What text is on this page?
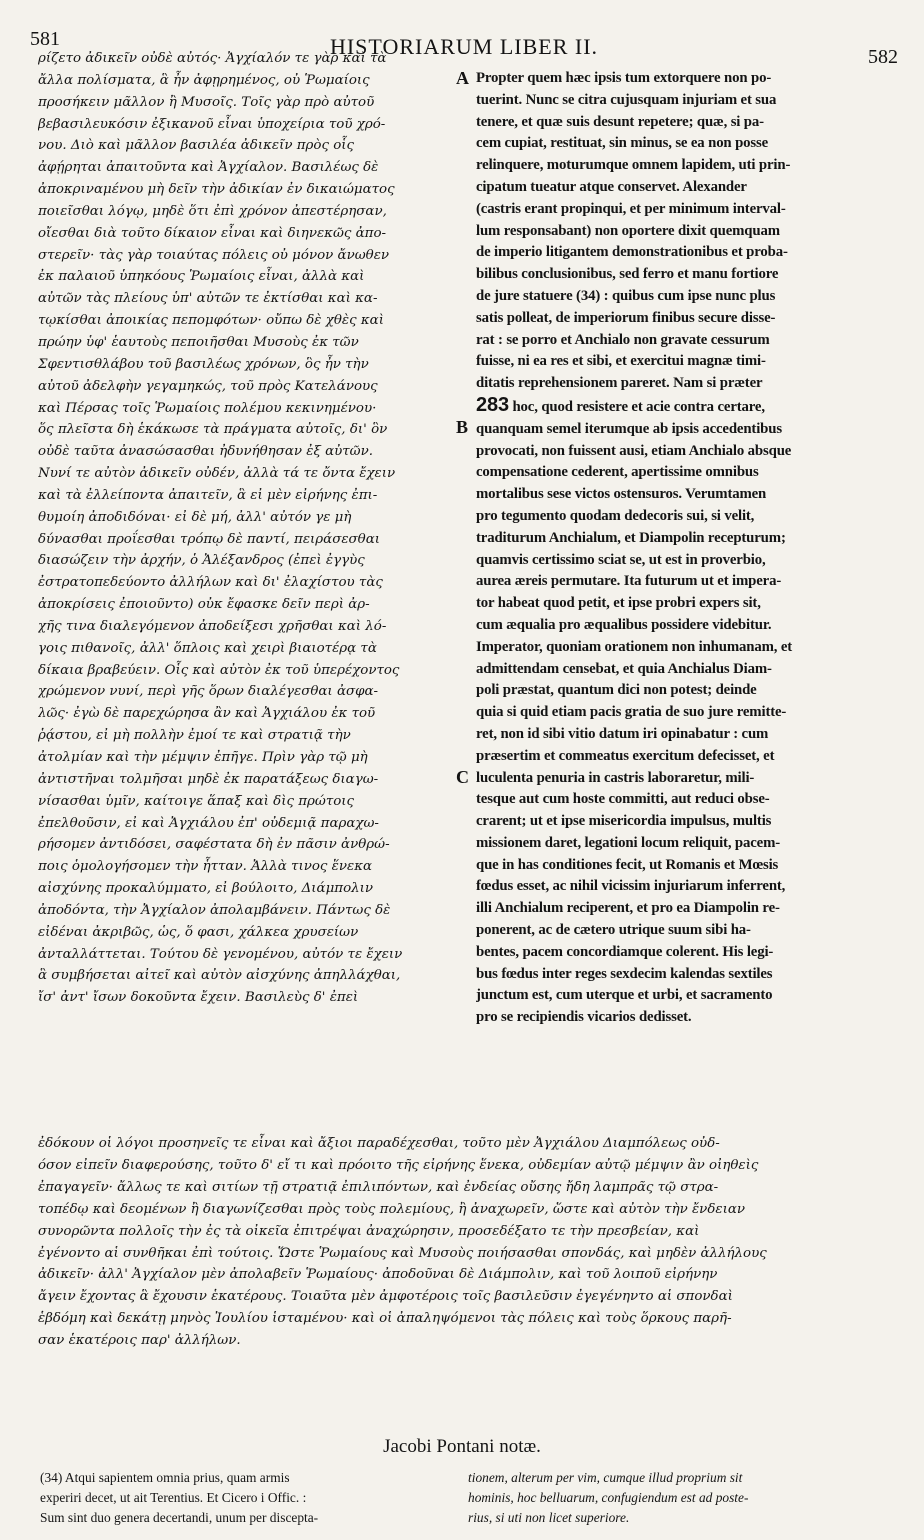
581	HISTORIARUM LIBER II.	582
A
B
C

ρίζετο ἀδικεῖν οὐδὲ αὐτός· Ἀγχίαλόν τε γὰρ καὶ τὰ

ἄλλα πολίσματα, ἃ ἦν ἀφῃρημένος, οὐ Ῥωμαίοις

προσήκειν μᾶλλον ἢ Μυσοῖς. Τοῖς γὰρ πρὸ αὐτοῦ

βεβασιλευκόσιν ἐξικανοῦ εἶναι ὑποχείρια τοῦ χρό-

νου. Διὸ καὶ μᾶλλον βασιλέα ἀδικεῖν πρὸς οἷς

ἀφῄρηται ἀπαιτοῦντα καὶ Ἀγχίαλον. Βασιλέως δὲ

ἀποκριναμένου μὴ δεῖν τὴν ἀδικίαν ἐν δικαιώματος

ποιεῖσθαι λόγῳ, μηδὲ ὅτι ἐπὶ χρόνον ἀπεστέρησαν,

οἴεσθαι διὰ τοῦτο δίκαιον εἶναι καὶ διηνεκῶς ἀπο-

στερεῖν· τὰς γὰρ τοιαύτας πόλεις οὐ μόνον ἄνωθεν

ἐκ παλαιοῦ ὑπηκόους Ῥωμαίοις εἶναι, ἀλλὰ καὶ

αὐτῶν τὰς πλείους ὑπ' αὐτῶν τε ἐκτίσθαι καὶ κα-

τῳκίσθαι ἀποικίας πεπομφότων· οὔπω δὲ χθὲς καὶ

πρώην ὑφ' ἑαυτοὺς πεποιῆσθαι Μυσοὺς ἐκ τῶν

Σφεντισθλάβου τοῦ βασιλέως χρόνων, ὃς ἦν τὴν

αὐτοῦ ἀδελφὴν γεγαμηκώς, τοῦ πρὸς Κατελάνους

καὶ Πέρσας τοῖς Ῥωμαίοις πολέμου κεκινημένου·

ὅς πλεῖστα δὴ ἑκάκωσε τὰ πράγματα αὐτοῖς, δι' ὃν

οὐδὲ ταῦτα ἀνασώσασθαι ἠδυνήθησαν ἐξ αὐτῶν.

Νυνί τε αὐτὸν ἀδικεῖν οὐδέν, ἀλλὰ τά τε ὄντα ἔχειν

καὶ τὰ ἐλλείποντα ἀπαιτεῖν, ἃ εἰ μὲν εἰρήνης ἐπι-

θυμοίη ἀποδιδόναι· εἰ δὲ μή, ἀλλ' αὐτόν γε μὴ

δύνασθαι προΐεσθαι τρόπῳ δὲ παντί, πειράσεσθαι

διασώζειν τὴν ἀρχήν, ὁ Ἀλέξανδρος (ἐπεὶ ἐγγὺς

ἐστρατοπεδεύοντο ἀλλήλων καὶ δι' ἐλαχίστου τὰς

ἀποκρίσεις ἐποιοῦντο) οὐκ ἔφασκε δεῖν περὶ ἀρ-

χῆς τινα διαλεγόμενον ἀποδείξεσι χρῆσθαι καὶ λό-

γοις πιθανοῖς, ἀλλ' ὅπλοις καὶ χειρὶ βιαιοτέρᾳ τὰ

δίκαια βραβεύειν. Οἷς καὶ αὐτὸν ἐκ τοῦ ὑπερέχοντος

χρώμενον νυνί, περὶ γῆς ὅρων διαλέγεσθαι ἀσφα-

λῶς· ἐγὼ δὲ παρεχώρησα ἂν καὶ Ἀγχιάλου ἐκ τοῦ

ῥᾴστου, εἰ μὴ πολλὴν ἐμοί τε καὶ στρατιᾷ τὴν

ἀτολμίαν καὶ τὴν μέμψιν ἐπῆγε. Πρὶν γὰρ τῷ μὴ

ἀντιστῆναι τολμῆσαι μηδὲ ἐκ παρατάξεως διαγω-

νίσασθαι ὑμῖν, καίτοιγε ἅπαξ καὶ δὶς πρώτοις

ἐπελθοῦσιν, εἰ καὶ Ἀγχιάλου ἐπ' οὐδεμιᾷ παραχω-

ρήσομεν ἀντιδόσει, σαφέστατα δὴ ἐν πᾶσιν ἀνθρώ-

ποις ὁμολογήσομεν τὴν ἧτταν. Ἀλλὰ τινος ἕνεκα

αἰσχύνης προκαλύμματο, εἰ βούλοιτο, Διάμπολιν

ἀποδόντα, τὴν Ἀγχίαλον ἀπολαμβάνειν. Πάντως δὲ

εἰδέναι ἀκριβῶς, ὡς, ὅ φασι, χάλκεα χρυσείων

ἀνταλλάττεται. Τούτου δὲ γενομένου, αὐτόν τε ἔχειν

ἃ συμβήσεται αἰτεῖ καὶ αὐτὸν αἰσχύνης ἀπηλλάχθαι,

ἴσ' ἀντ' ἴσων δοκοῦντα ἔχειν. Βασιλεὺς δ' ἐπεὶ

Propter quem hæc ipsis tum extorquere non po-

tuerint. Nunc se citra cujusquam injuriam et sua

tenere, et quæ suis desunt repetere; quæ, si pa-

cem cupiat, restituat, sin minus, se ea non posse

relinquere, moturumque omnem lapidem, uti prin-

cipatum tueatur atque conservet. Alexander

(castris erant propinqui, et per minimum interval-

lum responsabant) non oportere dixit quemquam

de imperio litigantem demonstrationibus et proba-

bilibus conclusionibus, sed ferro et manu fortiore

de jure statuere (34) : quibus cum ipse nunc plus

satis polleat, de imperiorum finibus secure disse-

rat : se porro et Anchialo non gravate cessurum

fuisse, ni ea res et sibi, et exercitui magnæ timi-

ditatis reprehensionem pareret. Nam si præter

283 hoc, quod resistere et acie contra certare,

quanquam semel iterumque ab ipsis accedentibus

provocati, non fuissent ausi, etiam Anchialo absque

compensatione cederent, apertissime omnibus

mortalibus sese victos ostensuros. Verumtamen

pro tegumento quodam dedecoris sui, si velit,

traditurum Anchialum, et Diampolin recepturum;

quamvis certissimo sciat se, ut est in proverbio,

aurea æreis permutare. Ita futurum ut et impera-

tor habeat quod petit, et ipse probri expers sit,

cum æqualia pro æqualibus possidere videbitur.

Imperator, quoniam orationem non inhumanam, et

admittendam censebat, et quia Anchialus Diam-

poli præstat, quantum dici non potest; deinde

quia si quid etiam pacis gratia de suo jure remitte-

ret, non id sibi vitio datum iri opinabatur : cum

præsertim et commeatus exercitum defecisset, et

luculenta penuria in castris laboraretur, mili-

tesque aut cum hoste committi, aut reduci obse-

crarent; ut et ipse misericordia impulsus, multis

missionem daret, legationi locum reliquit, pacem-

que in has conditiones fecit, ut Romanis et Mœsis

fœdus esset, ac nihil vicissim injuriarum inferrent,

illi Anchialum reciperent, et pro ea Diampolin re-

ponerent, ac de cætero utrique suum sibi ha-

bentes, pacem concordiamque colerent. His legi-

bus fœdus inter reges sexdecim kalendas sextiles

junctum est, cum uterque et urbi, et sacramento

pro se recipiendis vicarios dedisset.

ἐδόκουν οἱ λόγοι προσηνεῖς τε εἶναι καὶ ἄξιοι παραδέχεσθαι, τοῦτο μὲν Ἀγχιάλου Διαμπόλεως οὐδ-

όσον εἰπεῖν διαφερούσης, τοῦτο δ' εἴ τι καὶ πρόοιτο τῆς εἰρήνης ἕνεκα, οὐδεμίαν αὐτῷ μέμψιν ἂν οἰηθεὶς

ἐπαγαγεῖν· ἄλλως τε καὶ σιτίων τῇ στρατιᾷ ἐπιλιπόντων, καὶ ἐνδείας οὔσης ἤδη λαμπρᾶς τῷ στρα-

τοπέδῳ καὶ δεομένων ἢ διαγωνίζεσθαι πρὸς τοὺς πολεμίους, ἢ ἀναχωρεῖν, ὥστε καὶ αὐτὸν τὴν ἔνδειαν

συνορῶντα πολλοῖς τὴν ἐς τὰ οἰκεῖα ἐπιτρέψαι ἀναχώρησιν, προσεδέξατο τε τὴν πρεσβείαν, καὶ

ἐγένοντο αἱ συνθῆκαι ἐπὶ τούτοις. Ὥστε Ῥωμαίους καὶ Μυσοὺς ποιήσασθαι σπονδάς, καὶ μηδὲν ἀλλήλους

ἀδικεῖν· ἀλλ' Ἀγχίαλον μὲν ἀπολαβεῖν Ῥωμαίους· ἀποδοῦναι δὲ Διάμπολιν, καὶ τοῦ λοιποῦ εἰρήνην

ἄγειν ἔχοντας ἃ ἔχουσιν ἑκατέρους. Τοιαῦτα μὲν ἀμφοτέροις τοῖς βασιλεῦσιν ἐγεγένηντο αἱ σπονδαὶ

ἑβδόμη καὶ δεκάτῃ μηνὸς Ἰουλίου ἱσταμένου· καὶ οἱ ἀπαληψόμενοι τὰς πόλεις καὶ τοὺς ὅρκους παρῆ-

σαν ἑκατέροις παρ' ἀλλήλων.

Jacobi Pontani notæ.

(34) Atqui sapientem omnia prius, quam armis

experiri decet, ut ait Terentius. Et Cicero i Offic. :

Sum sint duo genera decertandi, unum per discepta-

tionem, alterum per vim, cumque illud proprium sit

hominis, hoc belluarum, confugiendum est ad poste-

rius, si uti non licet superiore.
